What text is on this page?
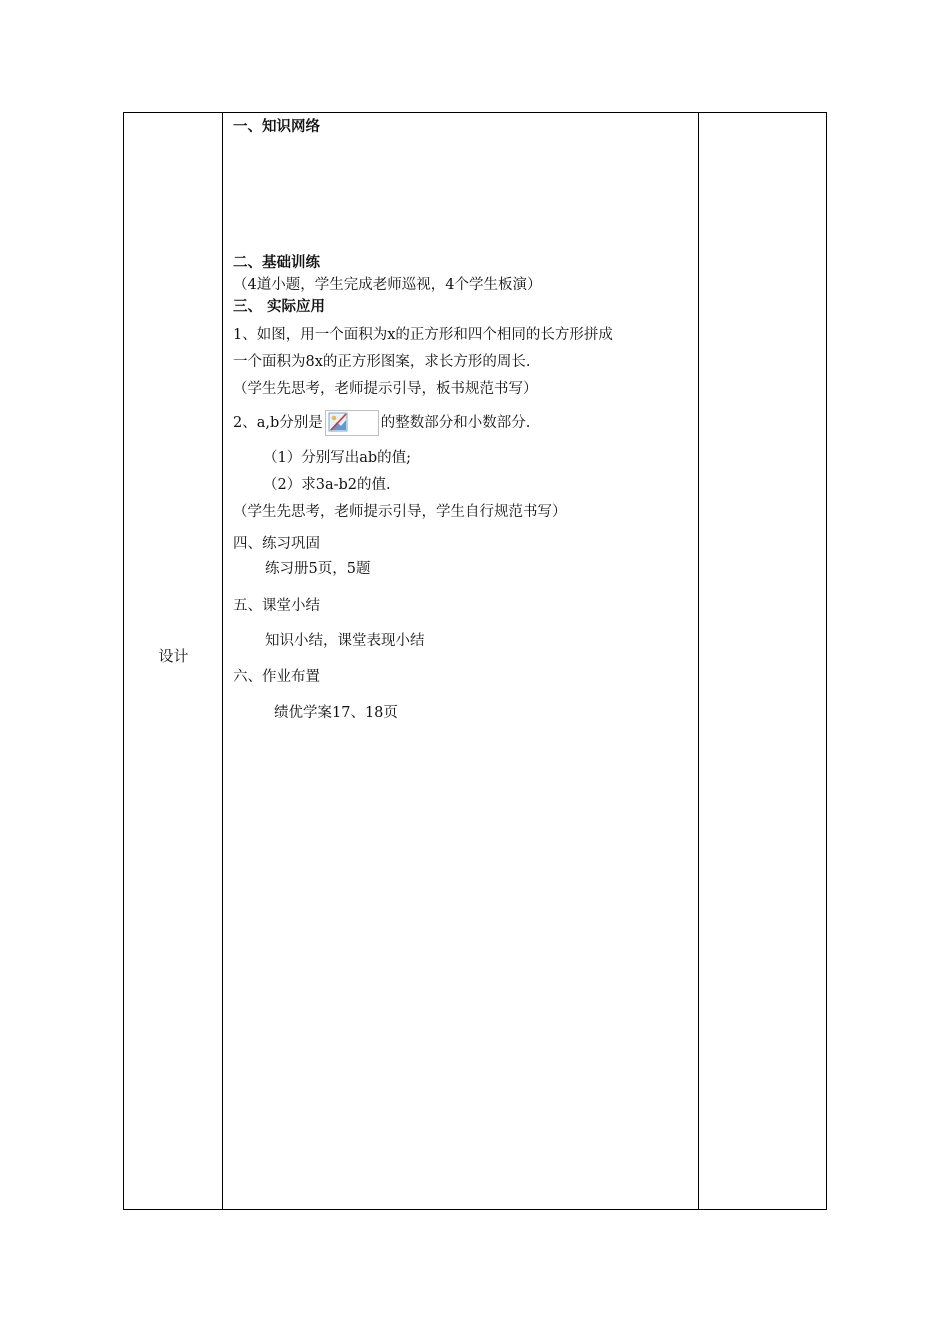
设计
一、知识网络
二、基础训练
（4道小题，学生完成老师巡视，4个学生板演）
三、 实际应用
1、如图，用一个面积为x的正方形和四个相同的长方形拼成
一个面积为8x的正方形图案，求长方形的周长.
（学生先思考，老师提示引导，板书规范书写）
2、a,b分别是	的整数部分和小数部分.
（1）分别写出ab的值;
（2）求3a-b2的值.
（学生先思考，老师提示引导，学生自行规范书写）
四、练习巩固
练习册5页，5题
五、课堂小结
知识小结，课堂表现小结
六、作业布置
绩优学案17、18页
